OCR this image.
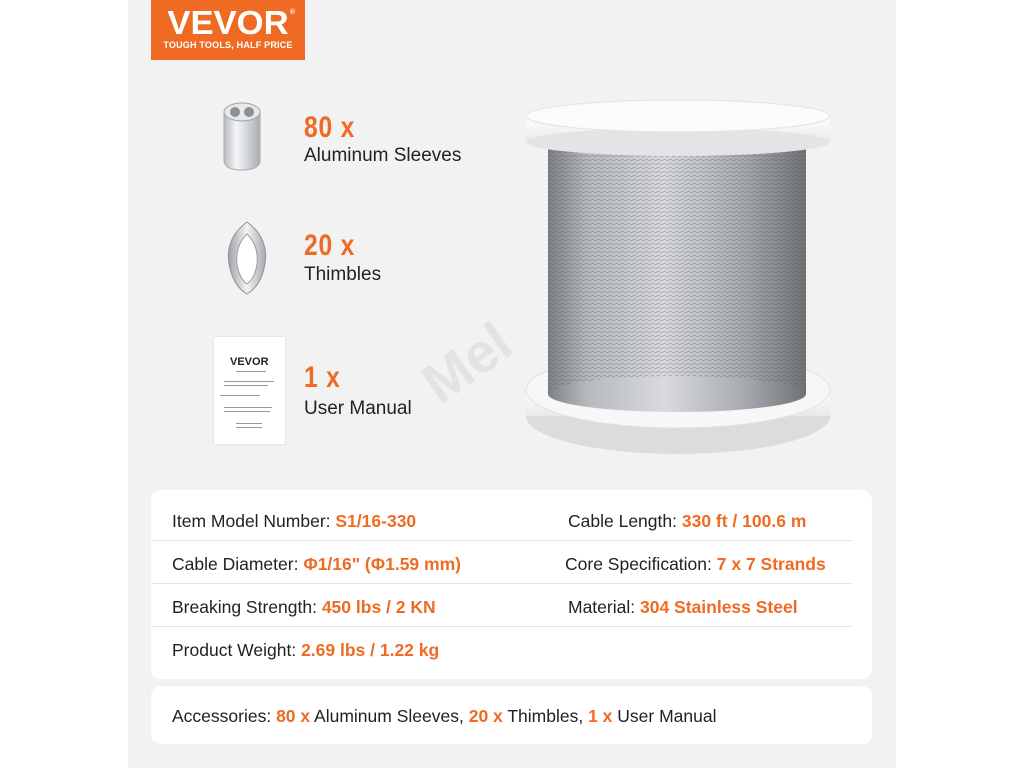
VEVOR ®
TOUGH TOOLS, HALF PRICE
80 x
Aluminum Sleeves
20 x
Thimbles
VEVOR 1 x
User Manual
Mel
Item Model Number: S1/16-330	Cable Length: 330 ft / 100.6 m
Cable Diameter: Φ1/16" (Φ1.59 mm)	Core Specification: 7 x 7 Strands
Breaking Strength: 450 lbs / 2 KN	Material: 304 Stainless Steel
Product Weight: 2.69 lbs / 1.22 kg
Accessories: 80 x Aluminum Sleeves, 20 x Thimbles, 1 x User Manual
